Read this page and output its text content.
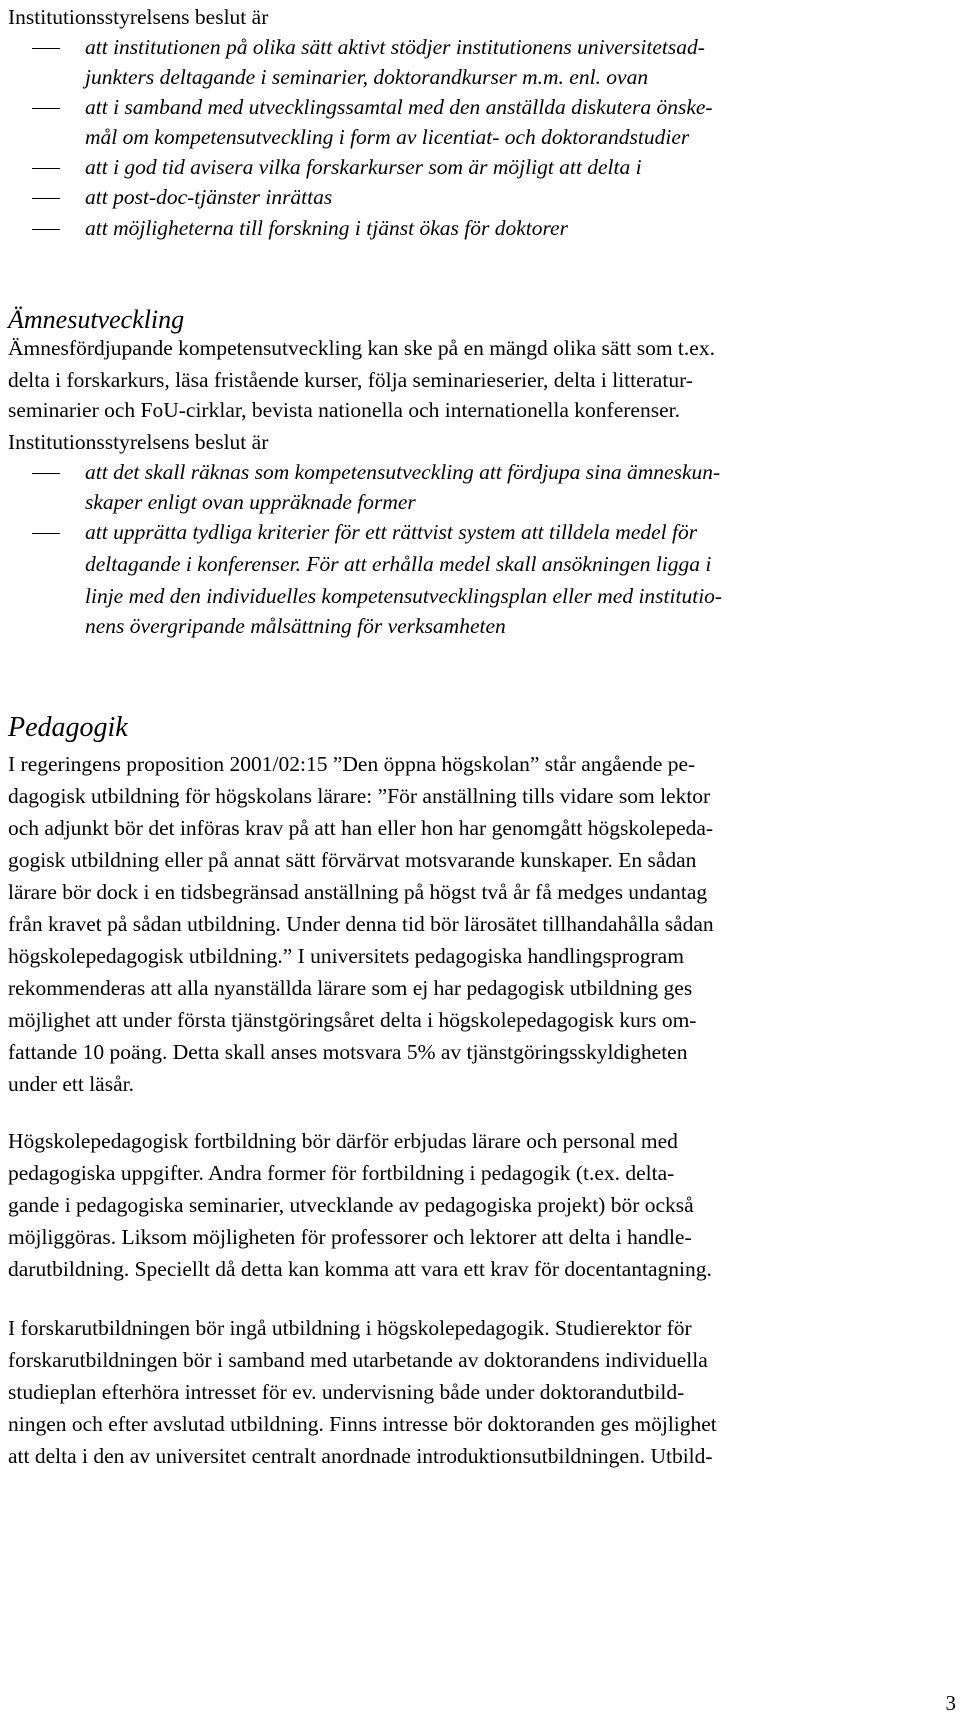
Institutionsstyrelsens beslut är
att institutionen på olika sätt aktivt stödjer institutionens universitetsad-
junkters deltagande i seminarier, doktorandkurser m.m. enl. ovan
att i samband med utvecklingssamtal med den anställda diskutera önske-
mål om kompetensutveckling i form av licentiat- och doktorandstudier
att i god tid avisera vilka forskarkurser som är möjligt att delta i
att post-doc-tjänster inrättas
att möjligheterna till forskning i tjänst ökas för doktorer
Ämnesutveckling
Ämnesfördjupande kompetensutveckling kan ske på en mängd olika sätt som t.ex.
delta i forskarkurs, läsa fristående kurser, följa seminarieserier, delta i litteratur-
seminarier och FoU-cirklar, bevista nationella och internationella konferenser.
Institutionsstyrelsens beslut är
att det skall räknas som kompetensutveckling att fördjupa sina ämneskun-
skaper enligt ovan uppräknade former
att upprätta tydliga kriterier för ett rättvist system att tilldela medel för
deltagande i konferenser. För att erhålla medel skall ansökningen ligga i
linje med den individuelles kompetensutvecklingsplan eller med institutio-
nens övergripande målsättning för verksamheten
Pedagogik
I regeringens proposition 2001/02:15 ”Den öppna högskolan” står angående pe-
dagogisk utbildning för högskolans lärare: ”För anställning tills vidare som lektor
och adjunkt bör det införas krav på att han eller hon har genomgått högskolepeda-
gogisk utbildning eller på annat sätt förvärvat motsvarande kunskaper. En sådan
lärare bör dock i en tidsbegränsad anställning på högst två år få medges undantag
från kravet på sådan utbildning. Under denna tid bör lärosätet tillhandahålla sådan
högskolepedagogisk utbildning.” I universitets pedagogiska handlingsprogram
rekommenderas att alla nyanställda lärare som ej har pedagogisk utbildning ges
möjlighet att under första tjänstgöringsåret delta i högskolepedagogisk kurs om-
fattande 10 poäng. Detta skall anses motsvara 5% av tjänstgöringsskyldigheten
under ett läsår.
Högskolepedagogisk fortbildning bör därför erbjudas lärare och personal med
pedagogiska uppgifter. Andra former för fortbildning i pedagogik (t.ex. delta-
gande i pedagogiska seminarier, utvecklande av pedagogiska projekt) bör också
möjliggöras. Liksom möjligheten för professorer och lektorer att delta i handle-
darutbildning. Speciellt då detta kan komma att vara ett krav för docentantagning.
I forskarutbildningen bör ingå utbildning i högskolepedagogik. Studierektor för
forskarutbildningen bör i samband med utarbetande av doktorandens individuella
studieplan efterhöra intresset för ev. undervisning både under doktorandutbild-
ningen och efter avslutad utbildning. Finns intresse bör doktoranden ges möjlighet
att delta i den av universitet centralt anordnade introduktionsutbildningen. Utbild-
3
